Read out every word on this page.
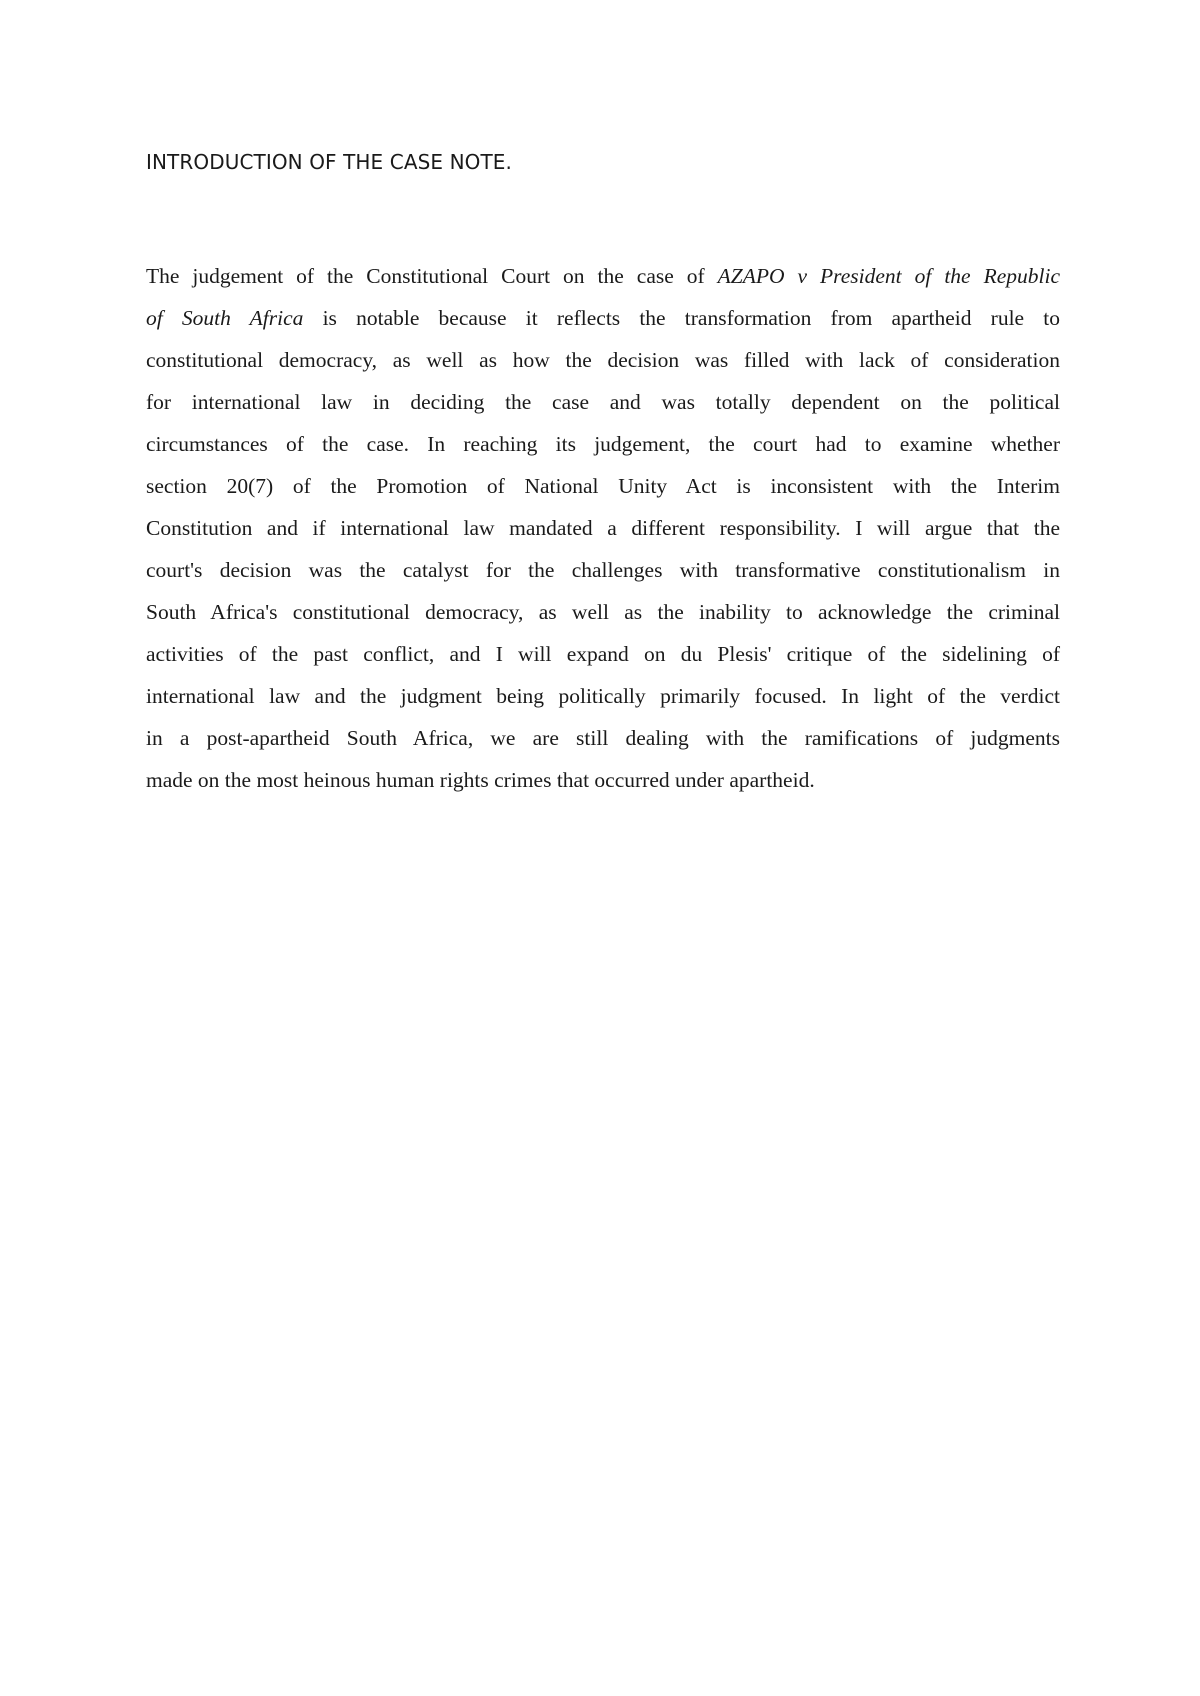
INTRODUCTION OF THE CASE NOTE.
The judgement of the Constitutional Court on the case of AZAPO v President of the Republic
of South Africa is notable because it reflects the transformation from apartheid rule to
constitutional democracy, as well as how the decision was filled with lack of consideration
for international law in deciding the case and was totally dependent on the political
circumstances of the case. In reaching its judgement, the court had to examine whether
section 20(7) of the Promotion of National Unity Act is inconsistent with the Interim
Constitution and if international law mandated a different responsibility. I will argue that the
court's decision was the catalyst for the challenges with transformative constitutionalism in
South Africa's constitutional democracy, as well as the inability to acknowledge the criminal
activities of the past conflict, and I will expand on du Plesis' critique of the sidelining of
international law and the judgment being politically primarily focused. In light of the verdict
in a post-apartheid South Africa, we are still dealing with the ramifications of judgments
made on the most heinous human rights crimes that occurred under apartheid.
